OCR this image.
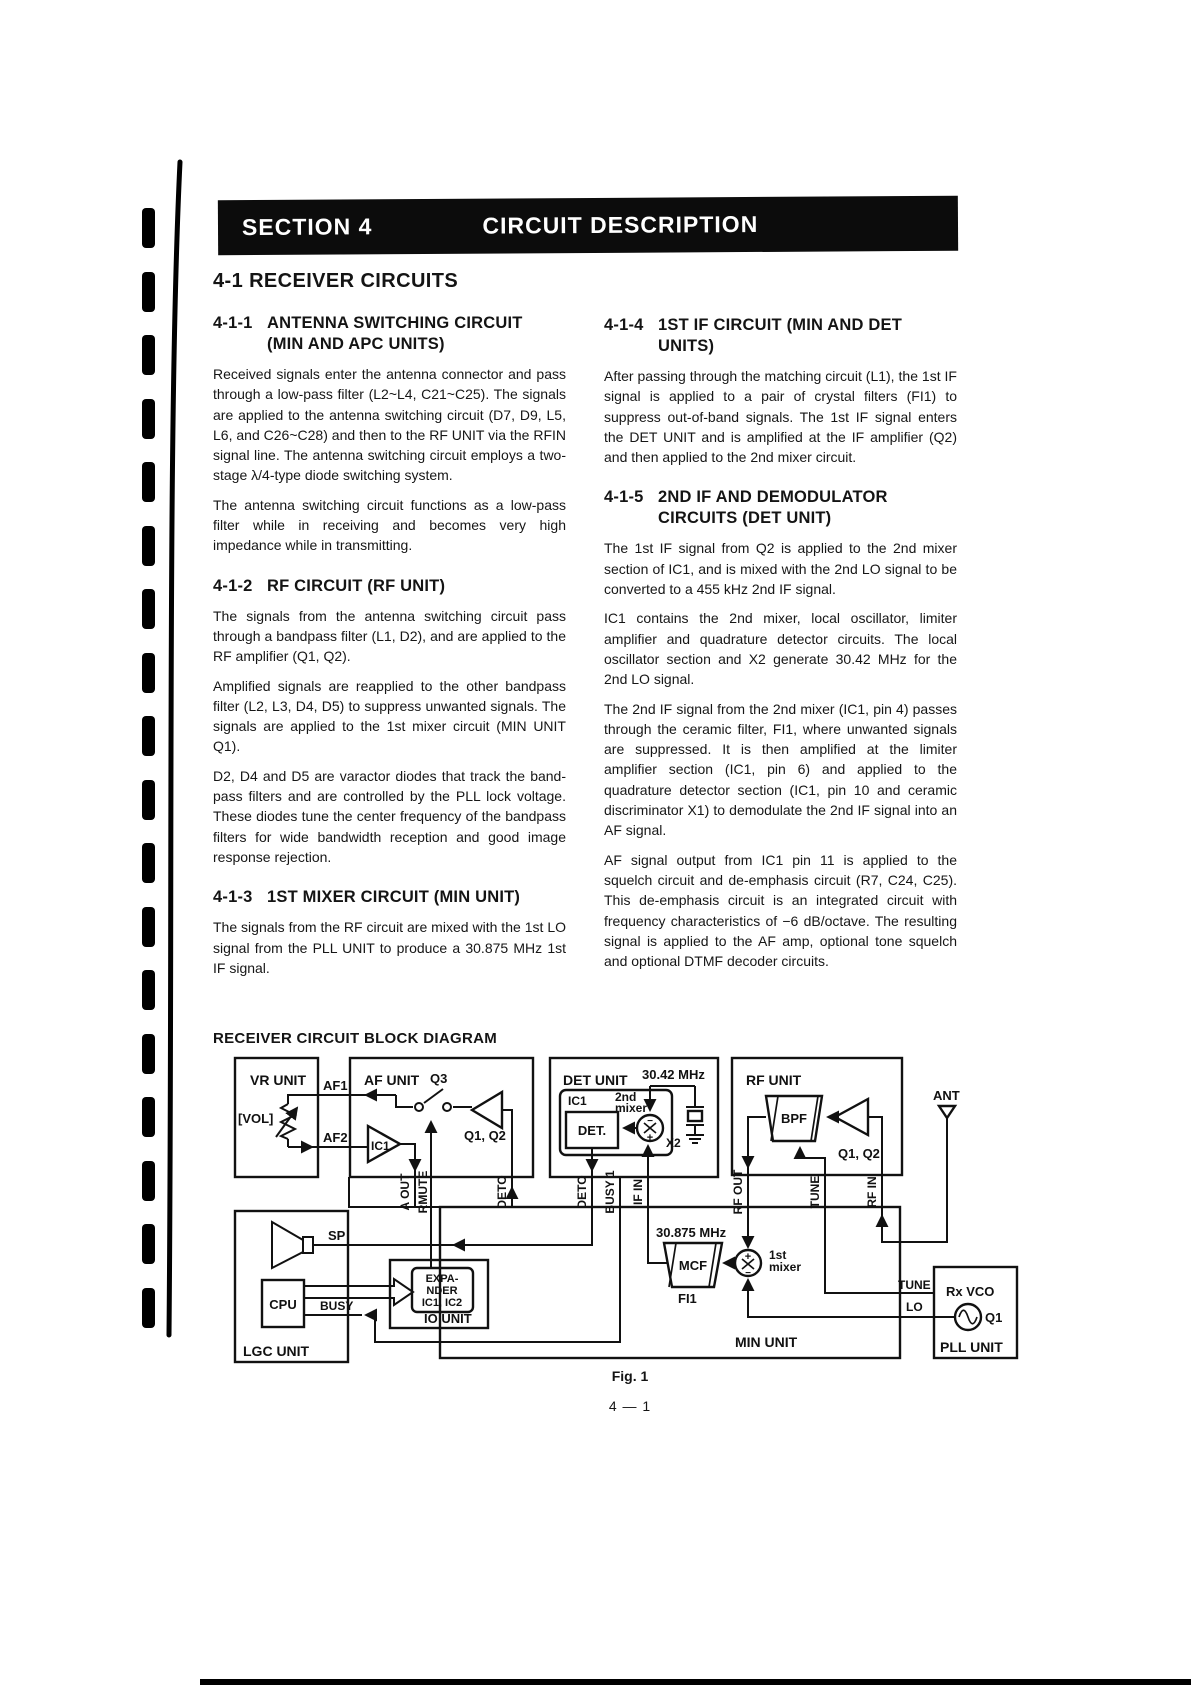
SECTION 4	CIRCUIT DESCRIPTION
4-1 RECEIVER CIRCUITS
4-1-1 ANTENNA SWITCHING CIRCUIT
(MIN AND APC UNITS)

Received signals enter the antenna connector and pass through a low-pass filter (L2~L4, C21~C25). The signals are applied to the antenna switching circuit (D7, D9, L5, L6, and C26~C28) and then to the RF UNIT via the RFIN signal line. The antenna switching circuit employs a two-stage λ/4-type diode switching system.

The antenna switching circuit functions as a low-pass filter while in receiving and becomes very high impedance while in transmitting.

4-1-2 RF CIRCUIT (RF UNIT)

The signals from the antenna switching circuit pass through a bandpass filter (L1, D2), and are applied to the RF amplifier (Q1, Q2).

Amplified signals are reapplied to the other bandpass filter (L2, L3, D4, D5) to suppress unwanted signals. The signals are applied to the 1st mixer circuit (MIN UNIT Q1).

D2, D4 and D5 are varactor diodes that track the band-pass filters and are controlled by the PLL lock voltage. These diodes tune the center frequency of the bandpass filters for wide bandwidth reception and good image response rejection.

4-1-3 1ST MIXER CIRCUIT (MIN UNIT)

The signals from the RF circuit are mixed with the 1st LO signal from the PLL UNIT to produce a 30.875 MHz 1st IF signal.

4-1-4 1ST IF CIRCUIT (MIN AND DET UNITS)

After passing through the matching circuit (L1), the 1st IF signal is applied to a pair of crystal filters (FI1) to suppress out-of-band signals. The 1st IF signal enters the DET UNIT and is amplified at the IF amplifier (Q2) and then applied to the 2nd mixer circuit.

4-1-5 2ND IF AND DEMODULATOR
CIRCUITS (DET UNIT)

The 1st IF signal from Q2 is applied to the 2nd mixer section of IC1, and is mixed with the 2nd LO signal to be converted to a 455 kHz 2nd IF signal.

IC1 contains the 2nd mixer, local oscillator, limiter amplifier and quadrature detector circuits. The local oscillator section and X2 generate 30.42 MHz for the 2nd LO signal.

The 2nd IF signal from the 2nd mixer (IC1, pin 4) passes through the ceramic filter, FI1, where unwanted signals are suppressed. It is then amplified at the limiter amplifier section (IC1, pin 6) and applied to the quadrature detector section (IC1, pin 10 and ceramic discriminator X1) to demodulate the 2nd IF signal into an AF signal.

AF signal output from IC1 pin 11 is applied to the squelch circuit and de-emphasis circuit (R7, C24, C25). This de-emphasis circuit is an integrated circuit with frequency characteristics of −6 dB/octave. The resulting signal is applied to the AF amp, optional tone squelch and optional DTMF decoder circuits.

RECEIVER CIRCUIT BLOCK DIAGRAM
VR UNIT	AF UNIT	DET UNIT	RF UNIT
MIN UNIT
LGC UNIT
IO UNIT
PLL UNIT
30.42 MHz
30.875 MHz
AF1
AF2
[VOL]
IC1
Q3
Q1, Q2
IC1
DET.
2nd
mixer
−
+
+
−
X2
BPF
Q1, Q2
ANT
SP
CPU BUSY
EXPA-
NDER
IC1, IC2
MCF
FI1
1st
mixer
TUNE
LO
Rx VCO
Q1
A OUT RMUTE	DETO	DETO BUSY 1 IF IN	RF OUT	TUNE	RF IN
Fig. 1
4 — 1
